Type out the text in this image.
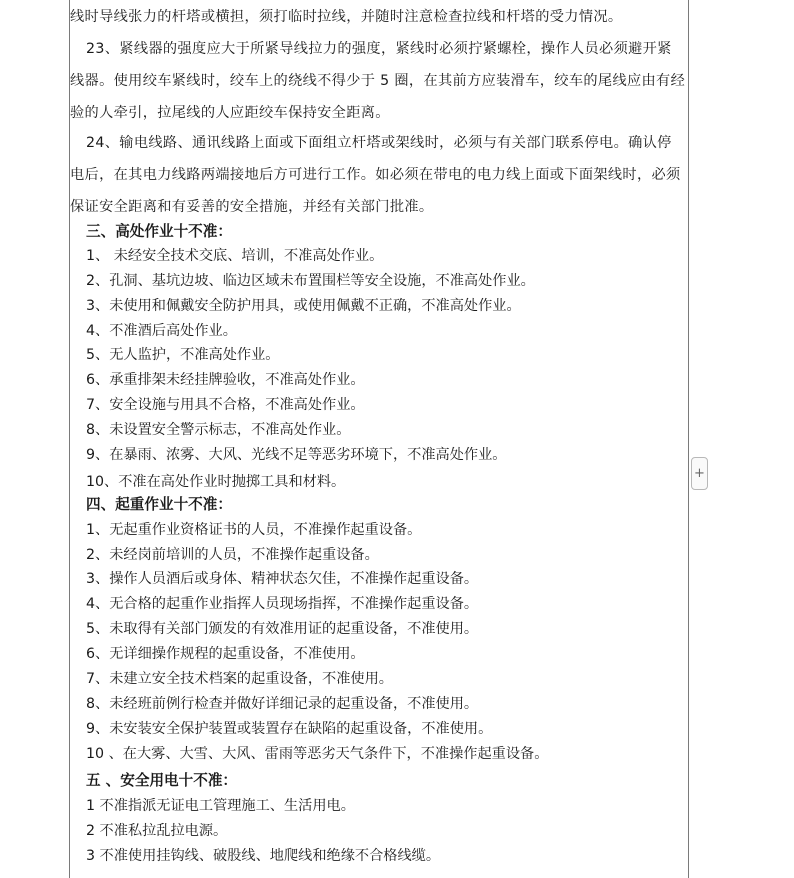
线时导线张力的杆塔或横担，须打临时拉线，并随时注意检查拉线和杆塔的受力情况。
23、紧线器的强度应大于所紧导线拉力的强度，紧线时必须拧紧螺栓，操作人员必须避开紧线器。使用绞车紧线时，绞车上的绕线不得少于 5 圈，在其前方应装滑车，绞车的尾线应由有经验的人牵引，拉尾线的人应距绞车保持安全距离。
24、输电线路、通讯线路上面或下面组立杆塔或架线时，必须与有关部门联系停电。确认停电后，在其电力线路两端接地后方可进行工作。如必须在带电的电力线上面或下面架线时，必须保证安全距离和有妥善的安全措施，并经有关部门批准。
三、高处作业十不准：
1、 未经安全技术交底、培训，不准高处作业。
2、孔洞、基坑边坡、临边区域未布置围栏等安全设施，不准高处作业。
3、未使用和佩戴安全防护用具，或使用佩戴不正确，不准高处作业。
4、不准酒后高处作业。
5、无人监护，不准高处作业。
6、承重排架未经挂牌验收，不准高处作业。
7、安全设施与用具不合格，不准高处作业。
8、未设置安全警示标志，不准高处作业。
9、在暴雨、浓雾、大风、光线不足等恶劣环境下，不准高处作业。
10、不准在高处作业时抛掷工具和材料。
四、起重作业十不准：
1、无起重作业资格证书的人员，不准操作起重设备。
2、未经岗前培训的人员，不准操作起重设备。
3、操作人员酒后或身体、精神状态欠佳，不准操作起重设备。
4、无合格的起重作业指挥人员现场指挥，不准操作起重设备。
5、未取得有关部门颁发的有效准用证的起重设备，不准使用。
6、无详细操作规程的起重设备，不准使用。
7、未建立安全技术档案的起重设备，不准使用。
8、未经班前例行检查并做好详细记录的起重设备，不准使用。
9、未安装安全保护装置或装置存在缺陷的起重设备，不准使用。
10 、在大雾、大雪、大风、雷雨等恶劣天气条件下，不准操作起重设备。
五 、安全用电十不准：
1 不准指派无证电工管理施工、生活用电。
2 不准私拉乱拉电源。
3 不准使用挂钩线、破股线、地爬线和绝缘不合格线缆。
+
